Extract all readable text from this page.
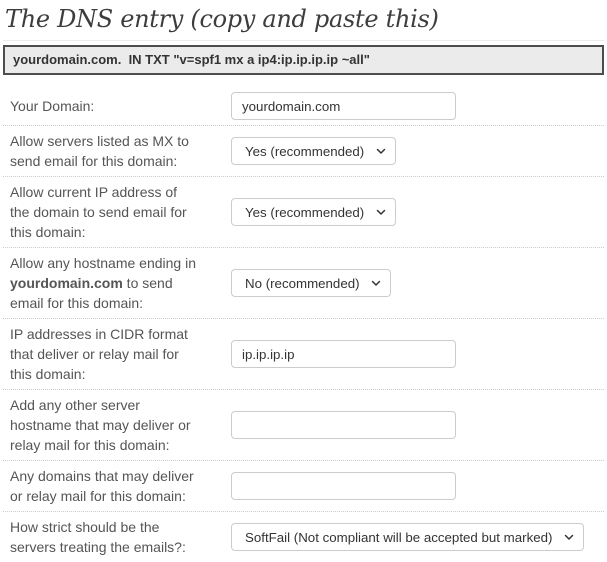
The DNS entry (copy and paste this)
yourdomain.com.  IN TXT "v=spf1 mx a ip4:ip.ip.ip.ip ~all"
Your Domain:
yourdomain.com
Allow servers listed as MX to send email for this domain:
Yes (recommended)
Allow current IP address of the domain to send email for this domain:
Yes (recommended)
Allow any hostname ending in yourdomain.com to send email for this domain:
No (recommended)
IP addresses in CIDR format that deliver or relay mail for this domain:
ip.ip.ip.ip
Add any other server hostname that may deliver or relay mail for this domain:
Any domains that may deliver or relay mail for this domain:
How strict should be the servers treating the emails?:
SoftFail (Not compliant will be accepted but marked)
